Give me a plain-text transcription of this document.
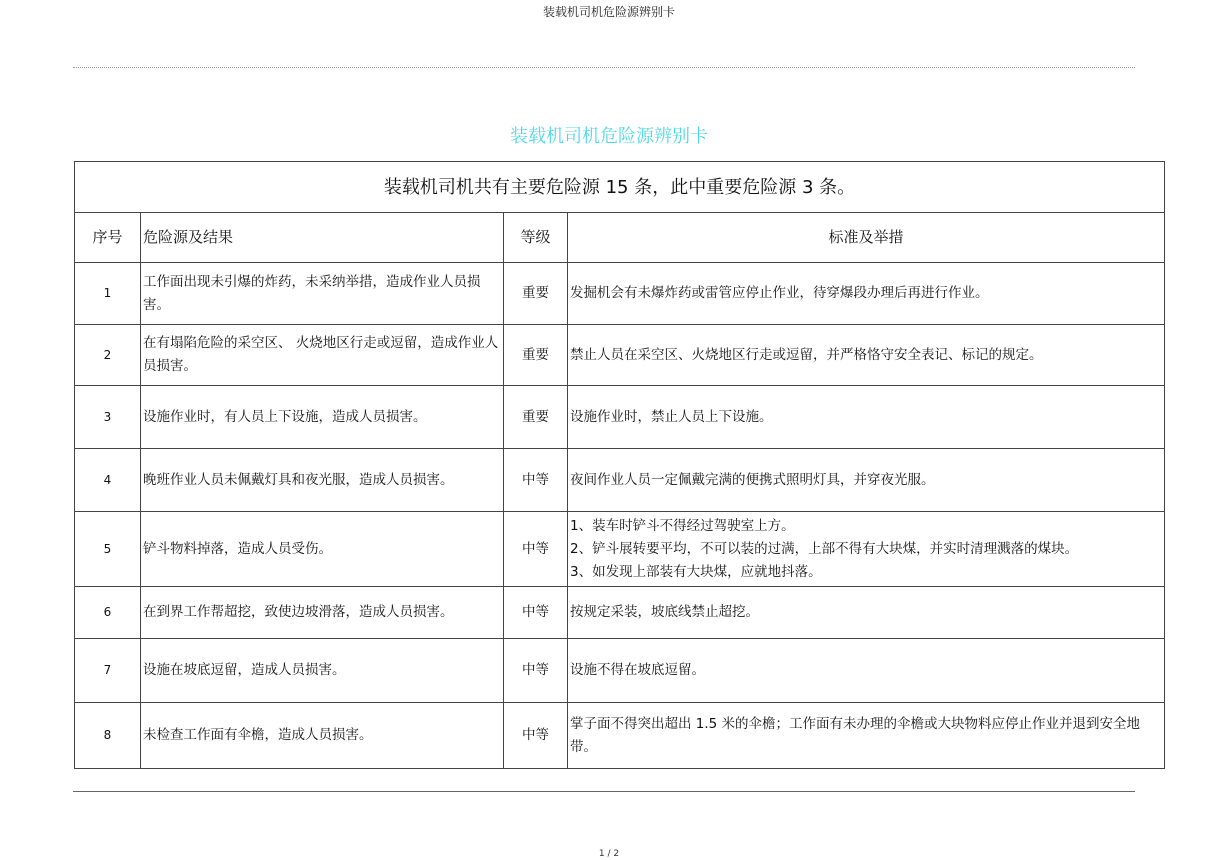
装载机司机危险源辨别卡
装载机司机危险源辨别卡
装载机司机共有主要危险源 15 条，此中重要危险源 3 条。			
序号	危险源及结果	等级	标准及举措
1	工作面出现未引爆的炸药，未采纳举措，造成作业人员损害。	重要	发掘机会有未爆炸药或雷管应停止作业，待穿爆段办理后再进行作业。

2	在有塌陷危险的采空区、 火烧地区行走或逗留，造成作业人员损害。	重要	禁止人员在采空区、火烧地区行走或逗留，并严格恪守安全表记、标记的规定。

3	设施作业时，有人员上下设施，造成人员损害。	重要	设施作业时，禁止人员上下设施。

4	晚班作业人员未佩戴灯具和夜光服，造成人员损害。	中等	夜间作业人员一定佩戴完满的便携式照明灯具，并穿夜光服。

5	铲斗物料掉落，造成人员受伤。	中等	1、装车时铲斗不得经过驾驶室上方。
2、铲斗展转要平均，不可以装的过满，上部不得有大块煤，并实时清理溅落的煤块。
3、如发现上部装有大块煤，应就地抖落。

6	在到界工作帮超挖，致使边坡滑落，造成人员损害。	中等	按规定采装，坡底线禁止超挖。

7	设施在坡底逗留，造成人员损害。	中等	设施不得在坡底逗留。

8	未检查工作面有伞檐，造成人员损害。	中等	掌子面不得突出超出 1.5 米的伞檐；工作面有未办理的伞檐或大块物料应停止作业并退到安全地带。
1 / 2
